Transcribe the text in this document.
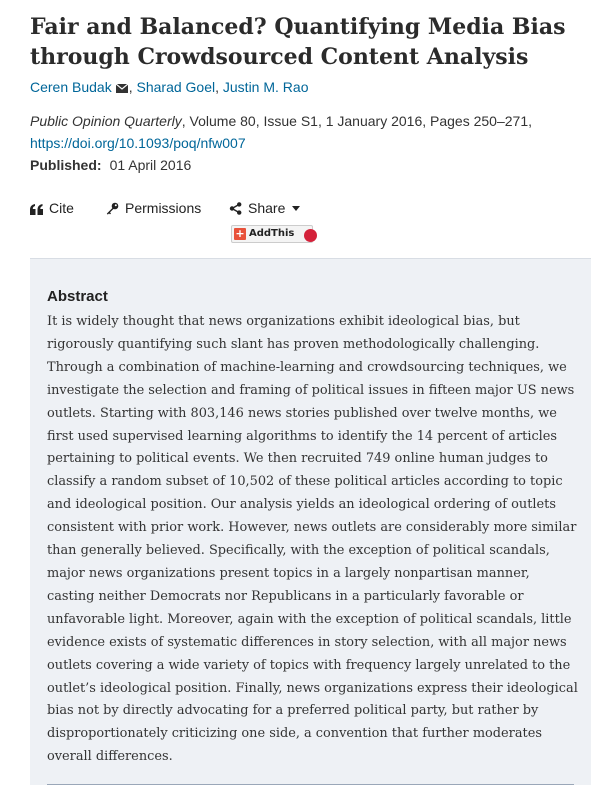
Fair and Balanced? Quantifying Media Bias through Crowdsourced Content Analysis
Ceren Budak , Sharad Goel, Justin M. Rao
Public Opinion Quarterly, Volume 80, Issue S1, 1 January 2016, Pages 250–271,
https://doi.org/10.1093/poq/nfw007
Published: 01 April 2016
Cite	Permissions	Share
+ AddThis
Abstract
It is widely thought that news organizations exhibit ideological bias, but
rigorously quantifying such slant has proven methodologically challenging.
Through a combination of machine-learning and crowdsourcing techniques, we
investigate the selection and framing of political issues in fifteen major US news
outlets. Starting with 803,146 news stories published over twelve months, we
first used supervised learning algorithms to identify the 14 percent of articles
pertaining to political events. We then recruited 749 online human judges to
classify a random subset of 10,502 of these political articles according to topic
and ideological position. Our analysis yields an ideological ordering of outlets
consistent with prior work. However, news outlets are considerably more similar
than generally believed. Specifically, with the exception of political scandals,
major news organizations present topics in a largely nonpartisan manner,
casting neither Democrats nor Republicans in a particularly favorable or
unfavorable light. Moreover, again with the exception of political scandals, little
evidence exists of systematic differences in story selection, with all major news
outlets covering a wide variety of topics with frequency largely unrelated to the
outlet’s ideological position. Finally, news organizations express their ideological
bias not by directly advocating for a preferred political party, but rather by
disproportionately criticizing one side, a convention that further moderates
overall differences.
